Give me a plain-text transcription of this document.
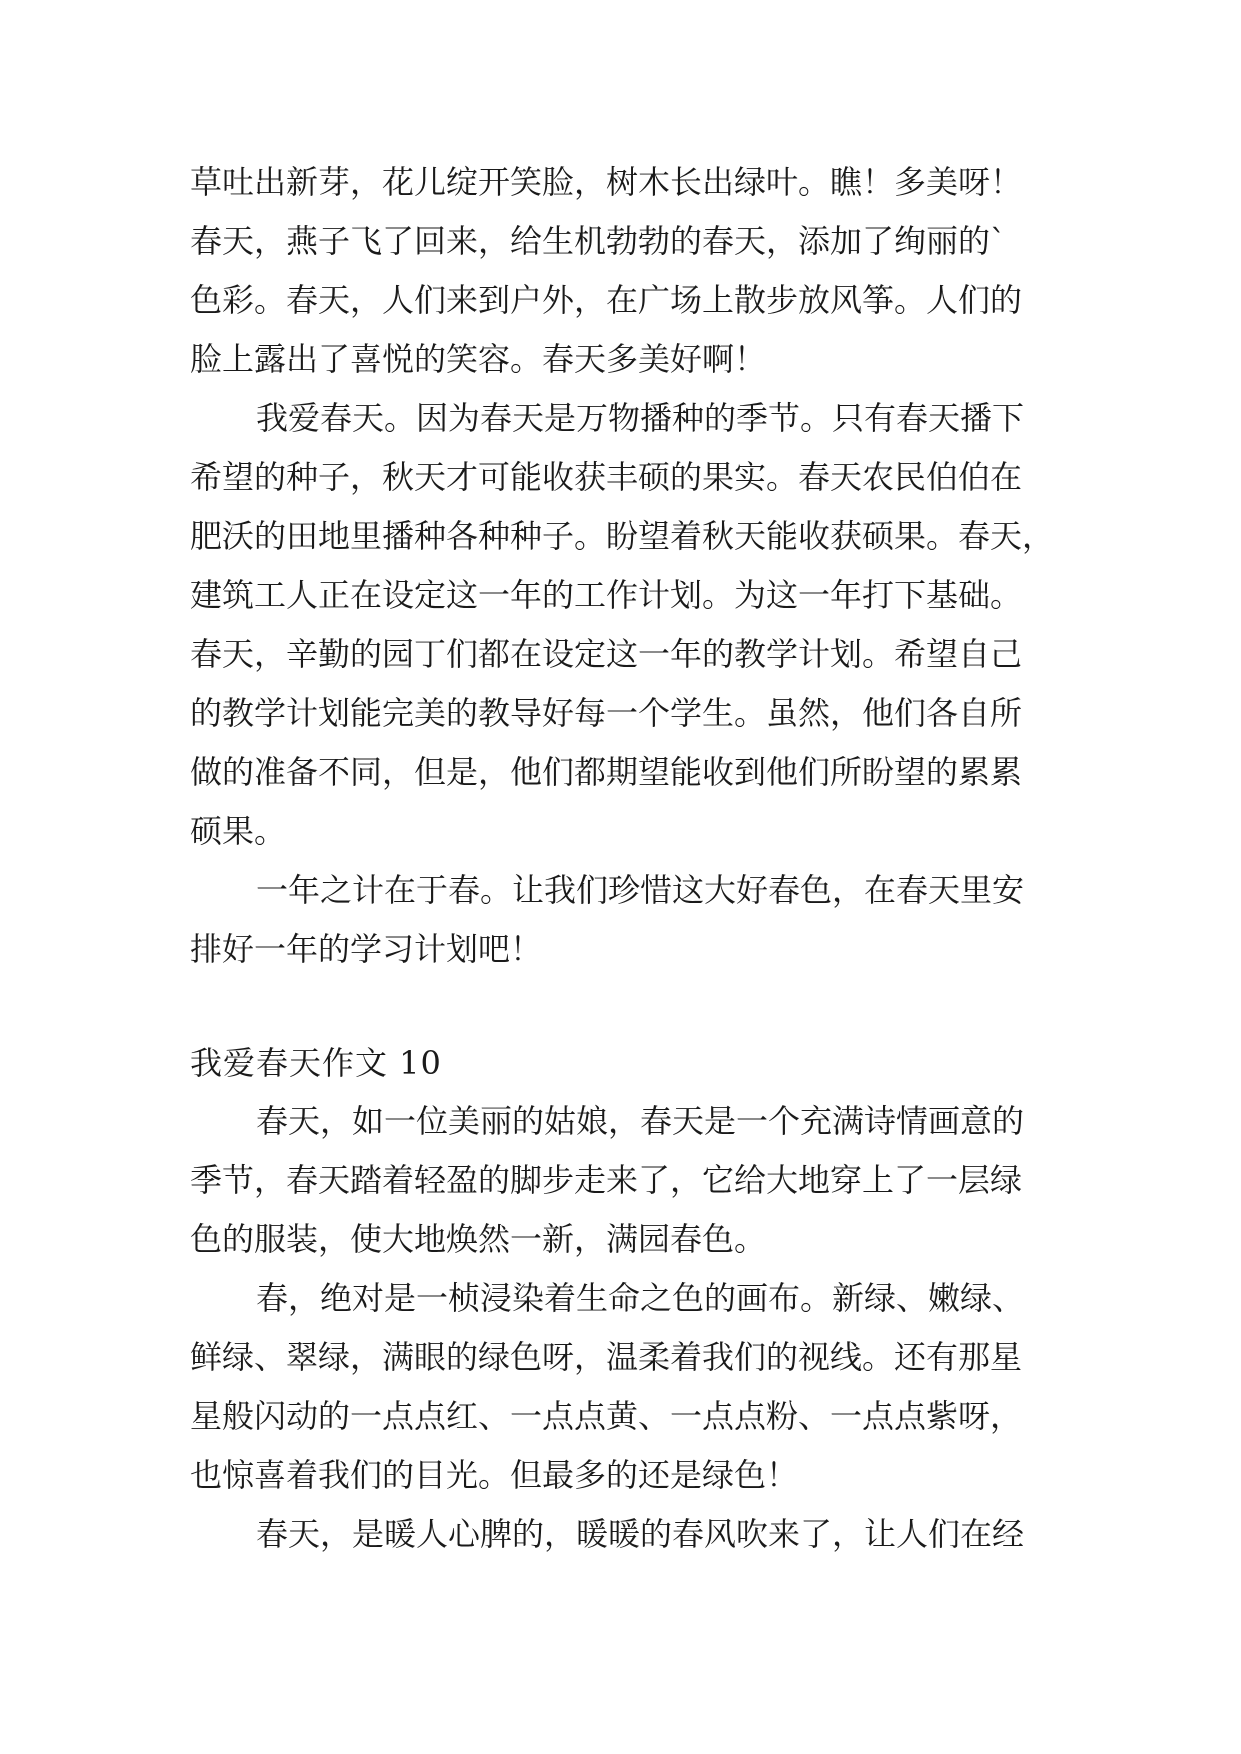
草吐出新芽，花儿绽开笑脸，树木长出绿叶。瞧！多美呀！
春天，燕子飞了回来，给生机勃勃的春天，添加了绚丽的`
色彩。春天，人们来到户外，在广场上散步放风筝。人们的
脸上露出了喜悦的笑容。春天多美好啊！
我爱春天。因为春天是万物播种的季节。只有春天播下
希望的种子，秋天才可能收获丰硕的果实。春天农民伯伯在
肥沃的田地里播种各种种子。盼望着秋天能收获硕果。春天，
建筑工人正在设定这一年的工作计划。为这一年打下基础。
春天，辛勤的园丁们都在设定这一年的教学计划。希望自己
的教学计划能完美的教导好每一个学生。虽然，他们各自所
做的准备不同，但是，他们都期望能收到他们所盼望的累累
硕果。
一年之计在于春。让我们珍惜这大好春色，在春天里安
排好一年的学习计划吧！
我爱春天作文 10
春天，如一位美丽的姑娘，春天是一个充满诗情画意的
季节，春天踏着轻盈的脚步走来了，它给大地穿上了一层绿
色的服装，使大地焕然一新，满园春色。
春，绝对是一桢浸染着生命之色的画布。新绿、嫩绿、
鲜绿、翠绿，满眼的绿色呀，温柔着我们的视线。还有那星
星般闪动的一点点红、一点点黄、一点点粉、一点点紫呀，
也惊喜着我们的目光。但最多的还是绿色！
春天，是暖人心脾的，暖暖的春风吹来了，让人们在经
